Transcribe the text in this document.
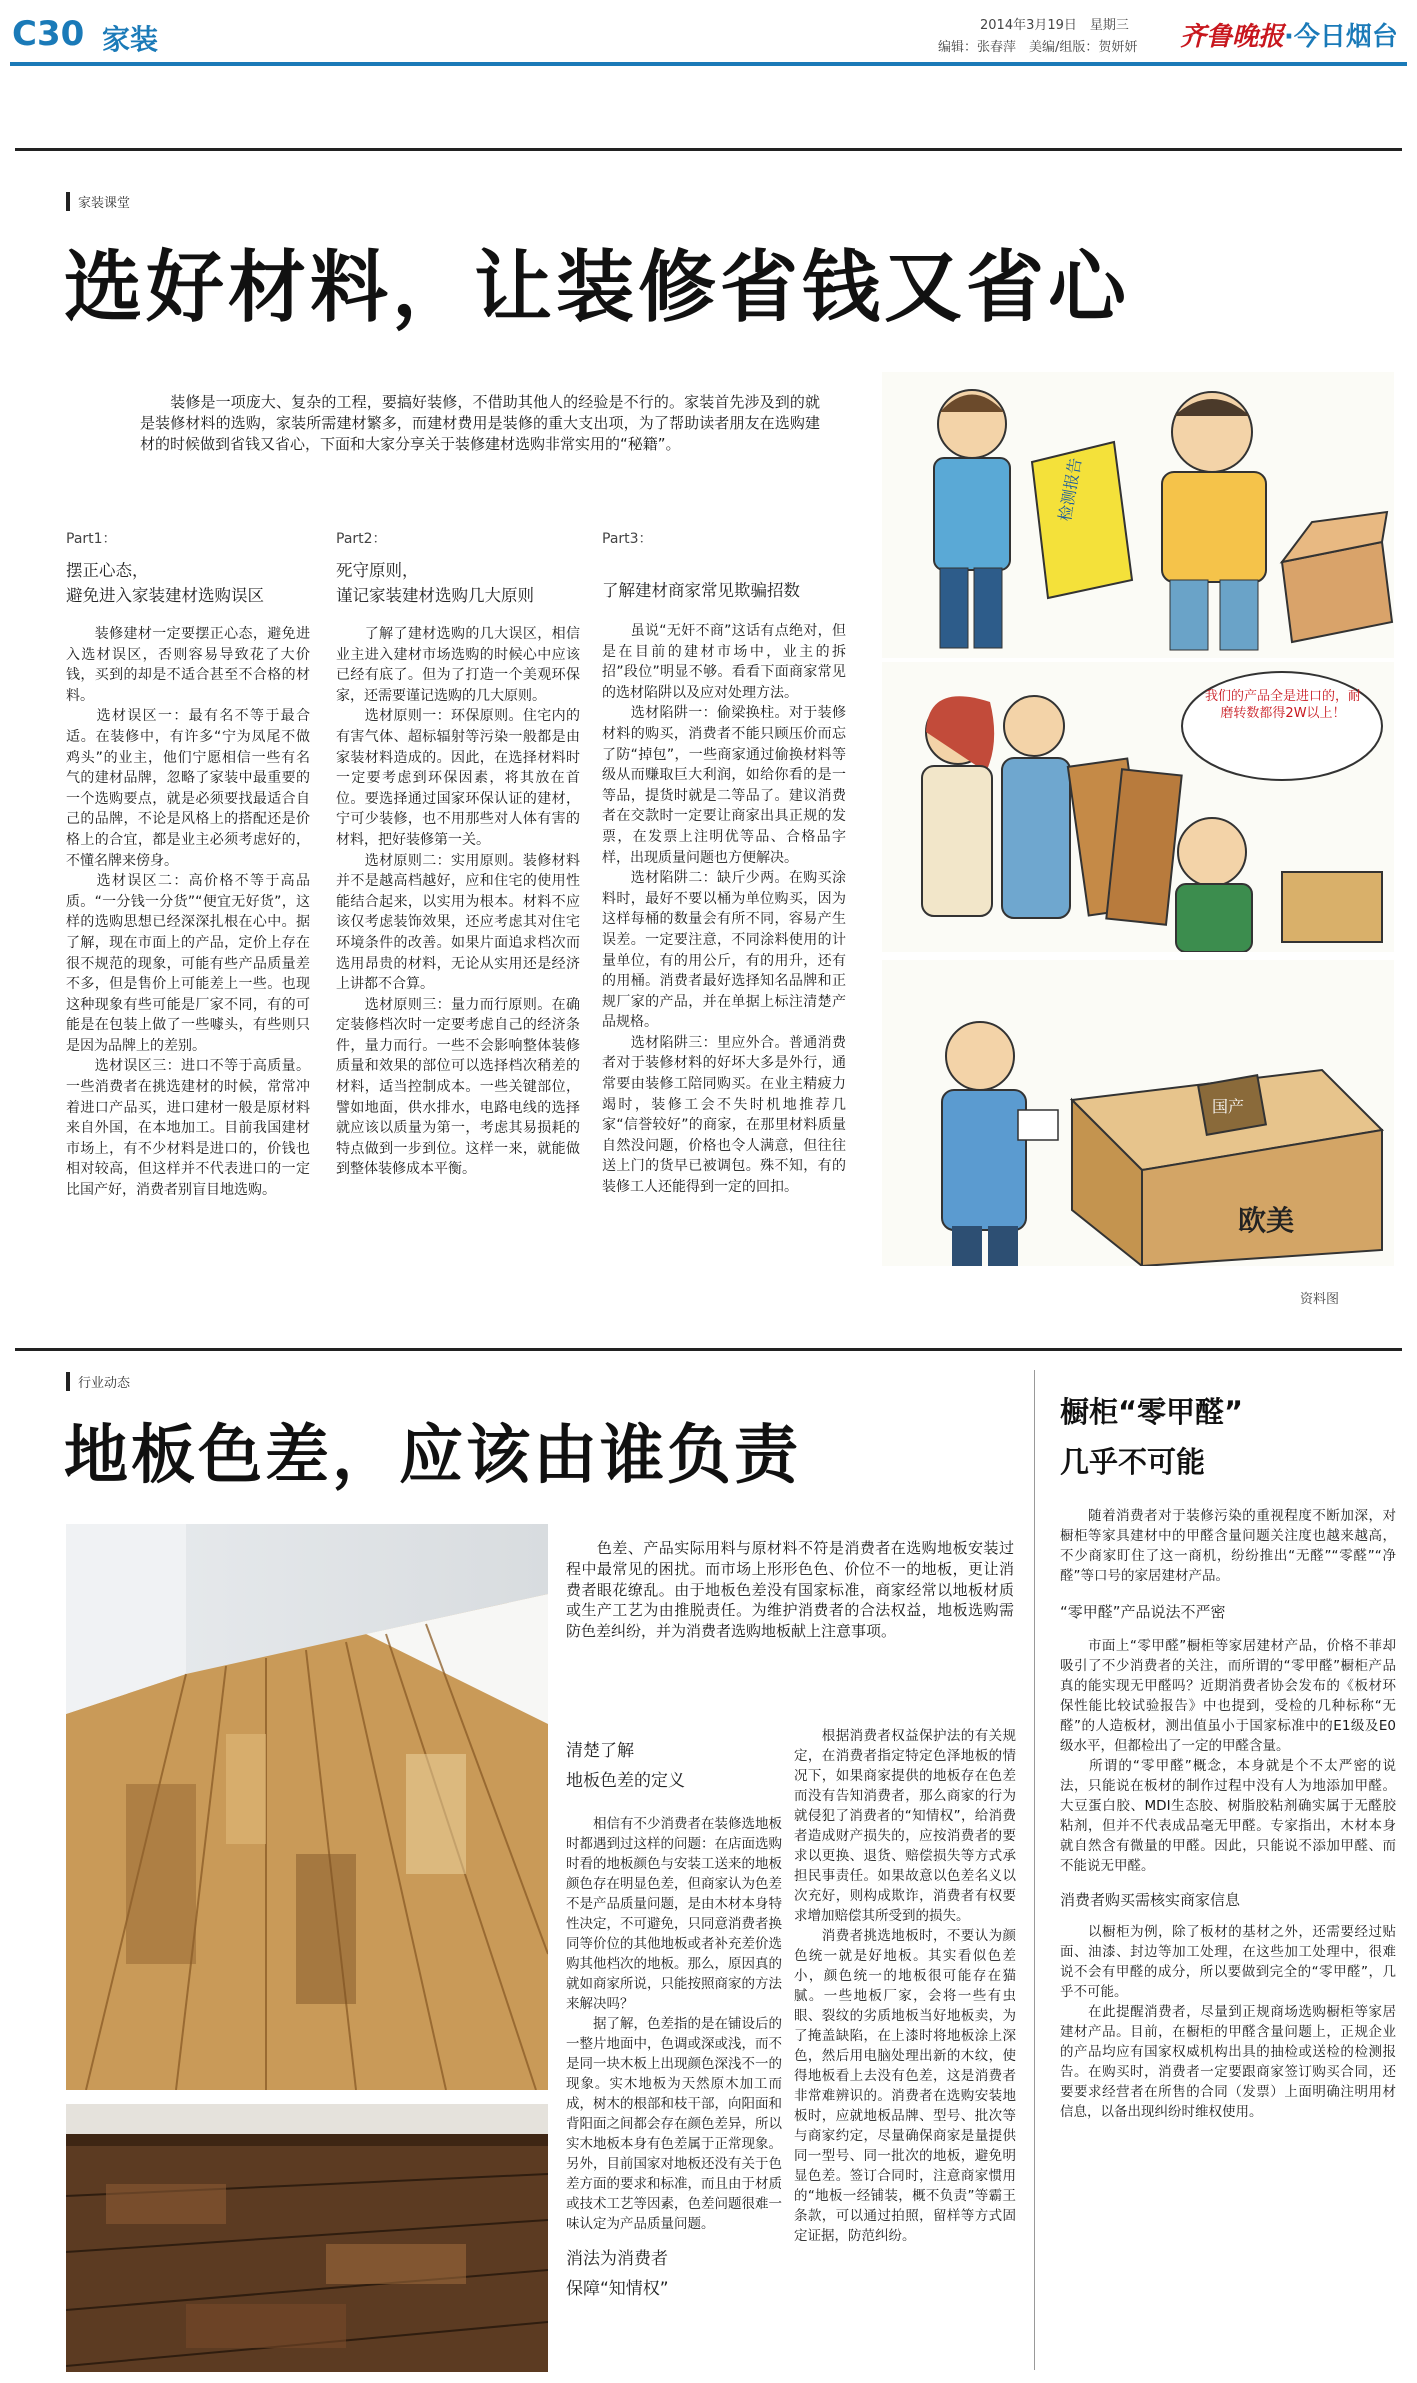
C30 家装	2014年3月19日　星期三
编辑：张春萍　美编/组版：贺妍妍 齐鲁晚报·今日烟台
家装课堂
选好材料，让装修省钱又省心
　　装修是一项庞大、复杂的工程，要搞好装修，不借助其他人的经验是不行的。家装首先涉及到的就是装修材料的选购，家装所需建材繁多，而建材费用是装修的重大支出项，为了帮助读者朋友在选购建材的时候做到省钱又省心，下面和大家分享关于装修建材选购非常实用的“秘籍”。
Part1：
摆正心态，
避免进入家装建材选购误区
　　装修建材一定要摆正心态，避免进入选材误区，否则容易导致花了大价钱，买到的却是不适合甚至不合格的材料。
　　选材误区一：最有名不等于最合适。在装修中，有许多“宁为凤尾不做鸡头”的业主，他们宁愿相信一些有名气的建材品牌，忽略了家装中最重要的一个选购要点，就是必须要找最适合自己的品牌，不论是风格上的搭配还是价格上的合宜，都是业主必须考虑好的，不懂名牌来傍身。
　　选材误区二：高价格不等于高品质。“一分钱一分货”“便宜无好货”，这样的选购思想已经深深扎根在心中。据了解，现在市面上的产品，定价上存在很不规范的现象，可能有些产品质量差不多，但是售价上可能差上一些。也现这种现象有些可能是厂家不同，有的可能是在包装上做了一些噱头，有些则只是因为品牌上的差别。
　　选材误区三：进口不等于高质量。一些消费者在挑选建材的时候，常常冲着进口产品买，进口建材一般是原材料来自外国，在本地加工。目前我国建材市场上，有不少材料是进口的，价钱也相对较高，但这样并不代表进口的一定比国产好，消费者别盲目地选购。
Part2：
死守原则，
谨记家装建材选购几大原则
　　了解了建材选购的几大误区，相信业主进入建材市场选购的时候心中应该已经有底了。但为了打造一个美观环保家，还需要谨记选购的几大原则。
　　选材原则一：环保原则。住宅内的有害气体、超标辐射等污染一般都是由家装材料造成的。因此，在选择材料时一定要考虑到环保因素，将其放在首位。要选择通过国家环保认证的建材，宁可少装修，也不用那些对人体有害的材料，把好装修第一关。
　　选材原则二：实用原则。装修材料并不是越高档越好，应和住宅的使用性能结合起来，以实用为根本。材料不应该仅考虑装饰效果，还应考虑其对住宅环境条件的改善。如果片面追求档次而选用昂贵的材料，无论从实用还是经济上讲都不合算。
　　选材原则三：量力而行原则。在确定装修档次时一定要考虑自己的经济条件，量力而行。一些不会影响整体装修质量和效果的部位可以选择档次稍差的材料，适当控制成本。一些关键部位，譬如地面，供水排水，电路电线的选择就应该以质量为第一，考虑其易损耗的特点做到一步到位。这样一来，就能做到整体装修成本平衡。
Part3：
了解建材商家常见欺骗招数
　　虽说“无奸不商”这话有点绝对，但是在目前的建材市场中，业主的拆招”段位”明显不够。看看下面商家常见的选材陷阱以及应对处理方法。
　　选材陷阱一：偷梁换柱。对于装修材料的购买，消费者不能只顾压价而忘了防“掉包”，一些商家通过偷换材料等级从而赚取巨大利润，如给你看的是一等品，提货时就是二等品了。建议消费者在交款时一定要让商家出具正规的发票，在发票上注明优等品、合格品字样，出现质量问题也方便解决。
　　选材陷阱二：缺斤少两。在购买涂料时，最好不要以桶为单位购买，因为这样每桶的数量会有所不同，容易产生误差。一定要注意，不同涂料使用的计量单位，有的用公斤，有的用升，还有的用桶。消费者最好选择知名品牌和正规厂家的产品，并在单据上标注清楚产品规格。
　　选材陷阱三：里应外合。普通消费者对于装修材料的好坏大多是外行，通常要由装修工陪同购买。在业主精疲力竭时，装修工会不失时机地推荐几家“信誉较好”的商家，在那里材料质量自然没问题，价格也令人满意，但往往送上门的货早已被调包。殊不知，有的装修工人还能得到一定的回扣。
检测报告
我们的产品全是进口的，耐磨转数都得2W以上！
国产
欧美
资料图
行业动态
地板色差，应该由谁负责
　　色差、产品实际用料与原材料不符是消费者在选购地板安装过程中最常见的困扰。而市场上形形色色、价位不一的地板，更让消费者眼花缭乱。由于地板色差没有国家标准，商家经常以地板材质或生产工艺为由推脱责任。为维护消费者的合法权益，地板选购需防色差纠纷，并为消费者选购地板献上注意事项。
清楚了解
地板色差的定义
　　相信有不少消费者在装修选地板时都遇到过这样的问题：在店面选购时看的地板颜色与安装工送来的地板颜色存在明显色差，但商家认为色差不是产品质量问题，是由木材本身特性决定，不可避免，只同意消费者换同等价位的其他地板或者补充差价选购其他档次的地板。那么，原因真的就如商家所说，只能按照商家的方法来解决吗？
　　据了解，色差指的是在铺设后的一整片地面中，色调或深或浅，而不是同一块木板上出现颜色深浅不一的现象。实木地板为天然原木加工而成，树木的根部和枝干部，向阳面和背阳面之间都会存在颜色差异，所以实木地板本身有色差属于正常现象。另外，目前国家对地板还没有关于色差方面的要求和标准，而且由于材质或技术工艺等因素，色差问题很难一味认定为产品质量问题。
消法为消费者
保障“知情权”
　　根据消费者权益保护法的有关规定，在消费者指定特定色泽地板的情况下，如果商家提供的地板存在色差而没有告知消费者，那么商家的行为就侵犯了消费者的“知情权”，给消费者造成财产损失的，应按消费者的要求以更换、退货、赔偿损失等方式承担民事责任。如果故意以色差名义以次充好，则构成欺诈，消费者有权要求增加赔偿其所受到的损失。
　　消费者挑选地板时，不要认为颜色统一就是好地板。其实看似色差小，颜色统一的地板很可能存在猫腻。一些地板厂家，会将一些有虫眼、裂纹的劣质地板当好地板卖，为了掩盖缺陷，在上漆时将地板涂上深色，然后用电脑处理出新的木纹，使得地板看上去没有色差，这是消费者非常难辨识的。消费者在选购安装地板时，应就地板品牌、型号、批次等与商家约定，尽量确保商家是量提供同一型号、同一批次的地板，避免明显色差。签订合同时，注意商家惯用的“地板一经铺装，概不负责”等霸王条款，可以通过拍照，留样等方式固定证据，防范纠纷。
橱柜“零甲醛”
几乎不可能
　　随着消费者对于装修污染的重视程度不断加深，对橱柜等家具建材中的甲醛含量问题关注度也越来越高，不少商家盯住了这一商机，纷纷推出“无醛”“零醛”“净醛”等口号的家居建材产品。
“零甲醛”产品说法不严密
　　市面上“零甲醛”橱柜等家居建材产品，价格不菲却吸引了不少消费者的关注，而所谓的“零甲醛”橱柜产品真的能实现无甲醛吗？近期消费者协会发布的《板材环保性能比较试验报告》中也提到，受检的几种标称“无醛”的人造板材，测出值虽小于国家标准中的E1级及E0级水平，但都检出了一定的甲醛含量。
　　所谓的“零甲醛”概念，本身就是个不太严密的说法，只能说在板材的制作过程中没有人为地添加甲醛。大豆蛋白胶、MDI生态胶、树脂胶粘剂确实属于无醛胶粘剂，但并不代表成品毫无甲醛。专家指出，木材本身就自然含有微量的甲醛。因此，只能说不添加甲醛、而不能说无甲醛。
消费者购买需核实商家信息
　　以橱柜为例，除了板材的基材之外，还需要经过贴面、油漆、封边等加工处理，在这些加工处理中，很难说不会有甲醛的成分，所以要做到完全的“零甲醛”，几乎不可能。
　　在此提醒消费者，尽量到正规商场选购橱柜等家居建材产品。目前，在橱柜的甲醛含量问题上，正规企业的产品均应有国家权威机构出具的抽检或送检的检测报告。在购买时，消费者一定要跟商家签订购买合同，还要要求经营者在所售的合同（发票）上面明确注明用材信息，以备出现纠纷时维权使用。
